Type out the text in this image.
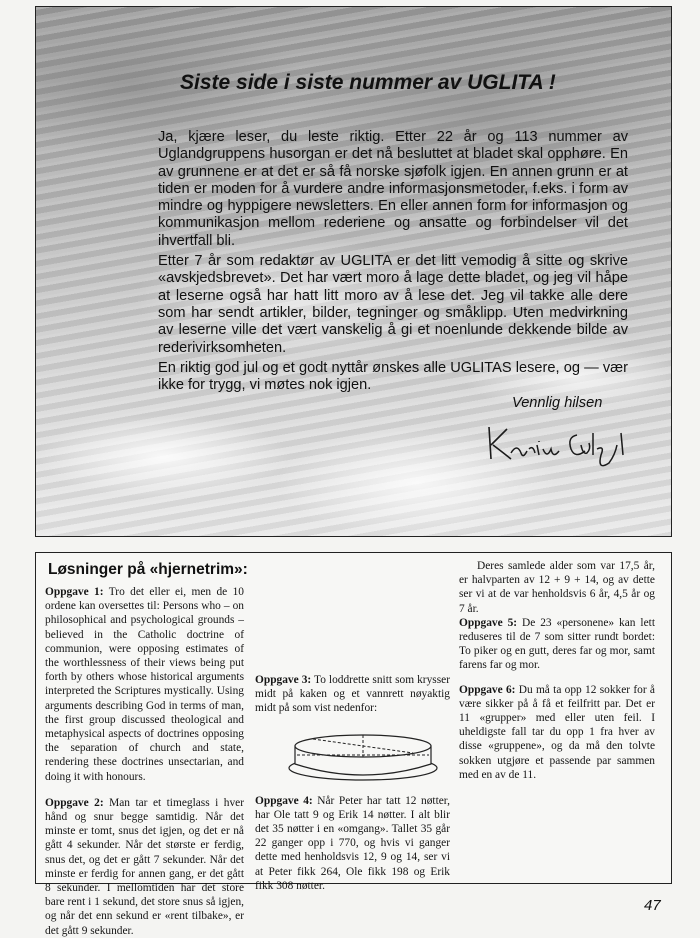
Siste side i siste nummer av UGLITA !

Ja, kjære leser, du leste riktig. Etter 22 år og 113 nummer av Uglandgruppens husorgan er det nå besluttet at bladet skal opphøre. En av grunnene er at det er så få norske sjøfolk igjen. En annen grunn er at tiden er moden for å vurdere andre informasjonsmetoder, f.eks. i form av mindre og hyppigere newsletters. En eller annen form for informasjon og kommunikasjon mellom rederiene og ansatte og forbindelser vil det ihvertfall bli.

Etter 7 år som redaktør av UGLITA er det litt vemodig å sitte og skrive «avskjedsbrevet». Det har vært moro å lage dette bladet, og jeg vil håpe at leserne også har hatt litt moro av å lese det. Jeg vil takke alle dere som har sendt artikler, bilder, tegninger og småklipp. Uten medvirkning av leserne ville det vært vanskelig å gi et noenlunde dekkende bilde av rederivirksomheten.

En riktig god jul og et godt nyttår ønskes alle UGLITAS lesere, og — vær ikke for trygg, vi møtes nok igjen.

Vennlig hilsen
Løsninger på «hjernetrim»:

Oppgave 1: Tro det eller ei, men de 10 ordene kan oversettes til: Persons who – on philosophical and psychological grounds – believed in the Catholic doctrine of communion, were opposing estimates of the worthlessness of their views being put forth by others whose historical arguments interpreted the Scriptures mystically. Using arguments describing God in terms of man, the first group discussed theological and metaphysical aspects of doctrines opposing the separation of church and state, rendering these doctrines unsectarian, and doing it with honours.

Oppgave 2: Man tar et timeglass i hver hånd og snur begge samtidig. Når det minste er tomt, snus det igjen, og det er nå gått 4 sekunder. Når det største er ferdig, snus det, og det er gått 7 sekunder. Når det minste er ferdig for annen gang, er det gått 8 sekunder. I mellomtiden har det store bare rent i 1 sekund, det store snus så igjen, og når det enn sekund er «rent tilbake», er det gått 9 sekunder.

Oppgave 3: To loddrette snitt som krysser midt på kaken og et vannrett nøyaktig midt på som vist nedenfor:

Oppgave 4: Når Peter har tatt 12 nøtter, har Ole tatt 9 og Erik 14 nøtter. I alt blir det 35 nøtter i en «omgang». Tallet 35 går 22 ganger opp i 770, og hvis vi ganger dette med henholdsvis 12, 9 og 14, ser vi at Peter fikk 264, Ole fikk 198 og Erik fikk 308 nøtter.

Deres samlede alder som var 17,5 år, er halvparten av 12 + 9 + 14, og av dette ser vi at de var henholdsvis 6 år, 4,5 år og 7 år.

Oppgave 5: De 23 «personene» kan lett reduseres til de 7 som sitter rundt bordet: To piker og en gutt, deres far og mor, samt farens far og mor.

Oppgave 6: Du må ta opp 12 sokker for å være sikker på å få et feilfritt par. Det er 11 «grupper» med eller uten feil. I uheldigste fall tar du opp 1 fra hver av disse «gruppene», og da må den tolvte sokken utgjøre et passende par sammen med en av de 11.

47
